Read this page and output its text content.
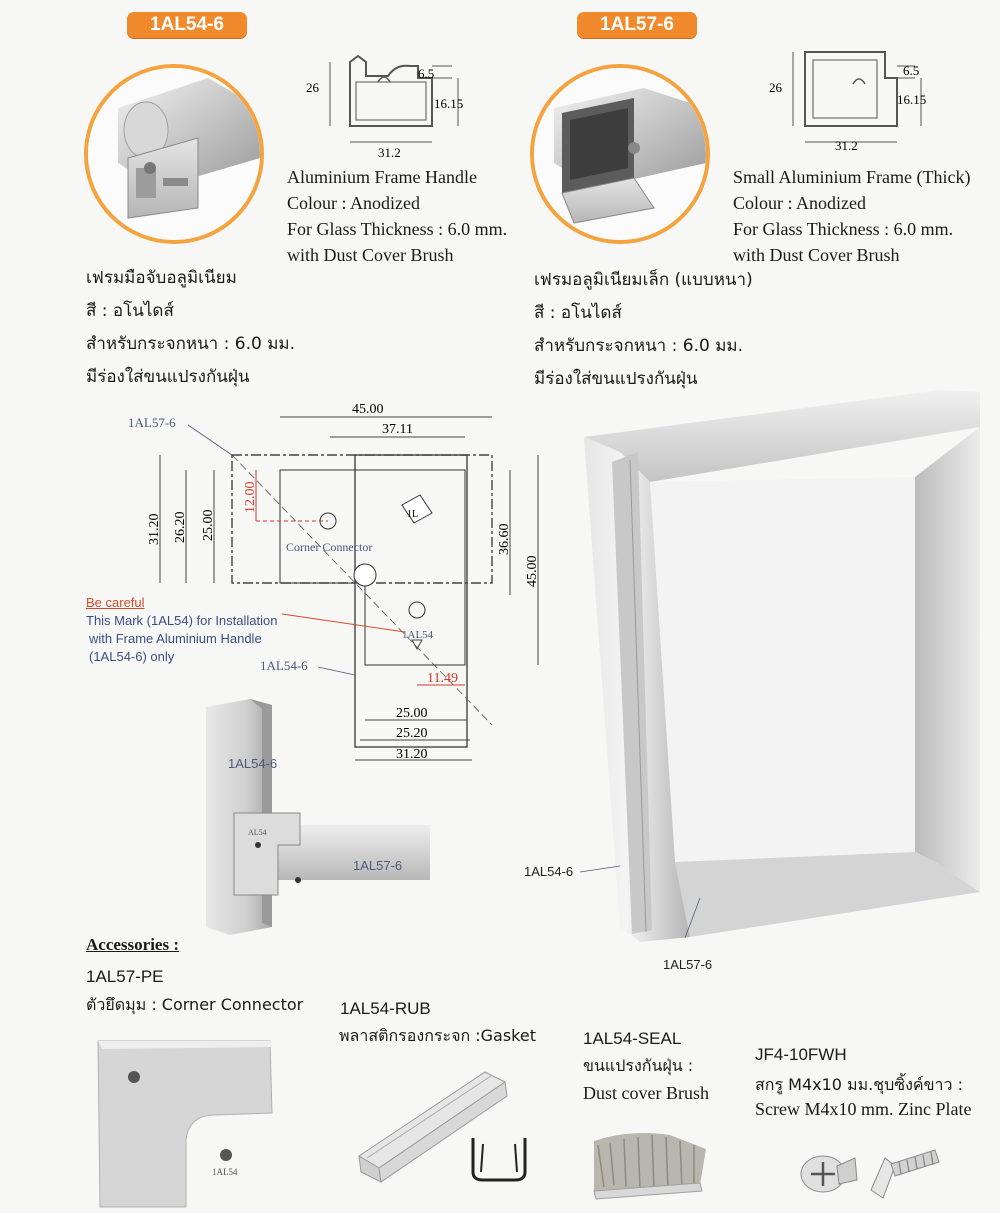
1AL54-6
26
6.5
16.15
31.2
Aluminium Frame Handle
Colour : Anodized
For Glass Thickness : 6.0 mm.
with Dust Cover Brush
เฟรมมือจับอลูมิเนียม
สี : อโนไดส์
สำหรับกระจกหนา : 6.0 มม.
มีร่องใส่ขนแปรงกันฝุ่น
1AL57-6
26
6.5
16.15
31.2
Small Aluminium Frame (Thick)
Colour : Anodized
For Glass Thickness : 6.0 mm.
with Dust Cover Brush
เฟรมอลูมิเนียมเล็ก (แบบหนา)
สี : อโนไดส์
สำหรับกระจกหนา : 6.0 มม.
มีร่องใส่ขนแปรงกันฝุ่น
1L
1AL57-6
1AL54-6
45.00
37.11
31.20 26.20 25.00
12.00
36.60
45.00
11.49
25.00
25.20
31.20
Corner Connector
1AL54
Be careful
This Mark (1AL54) for Installation
with Frame Aluminium Handle
(1AL54-6) only
AL54
1AL54-6
1AL57-6	1AL54-6
1AL57-6
Accessories :
1AL57-PE
ตัวยึดมุม : Corner Connector
1AL54
1AL54-RUB
พลาสติกรองกระจก :Gasket	1AL54-SEAL
ขนแปรงกันฝุ่น :
Dust cover Brush
JF4-10FWH
สกรู M4x10 มม.ชุบซิ้งค์ขาว :
Screw M4x10 mm. Zinc Plate
